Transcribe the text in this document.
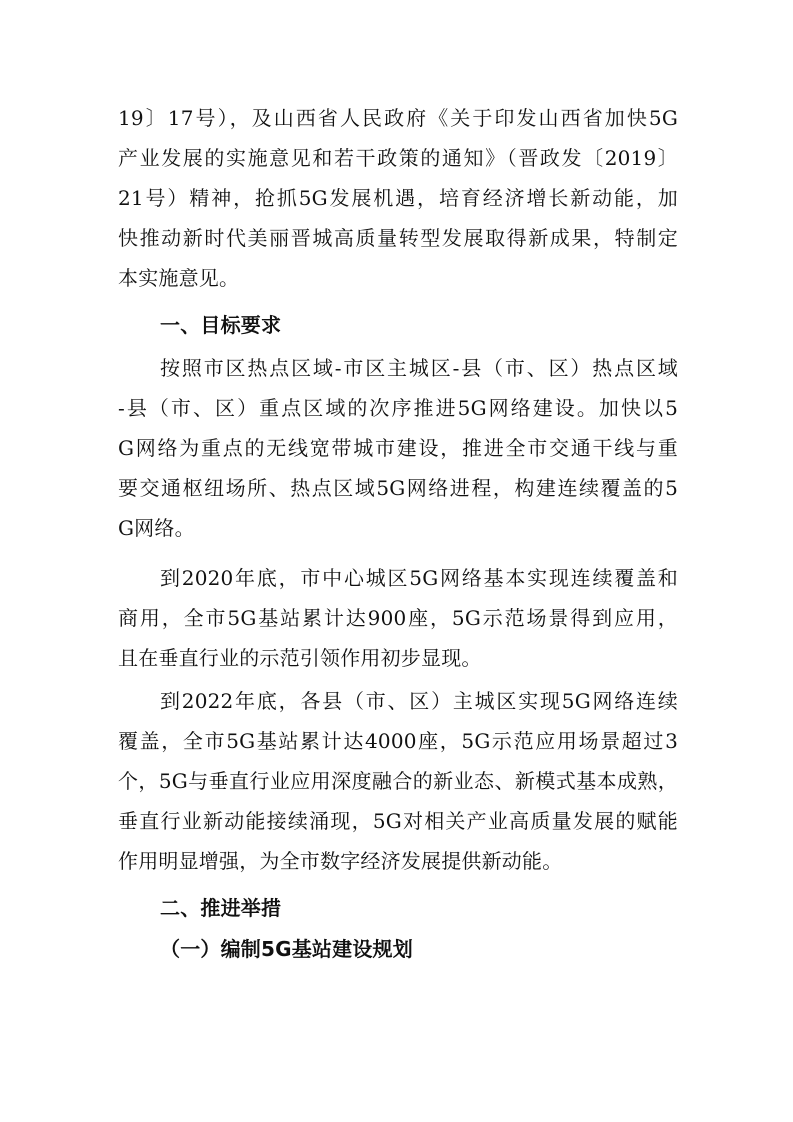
19〕17号），及山西省人民政府《关于印发山西省加快5G
产业发展的实施意见和若干政策的通知》（晋政发〔2019〕
21号）精神，抢抓5G发展机遇，培育经济增长新动能，加
快推动新时代美丽晋城高质量转型发展取得新成果，特制定
本实施意见。
一、目标要求
按照市区热点区域-市区主城区-县（市、区）热点区域
-县（市、区）重点区域的次序推进5G网络建设。加快以5
G网络为重点的无线宽带城市建设，推进全市交通干线与重
要交通枢纽场所、热点区域5G网络进程，构建连续覆盖的5
G网络。
到2020年底，市中心城区5G网络基本实现连续覆盖和
商用，全市5G基站累计达900座，5G示范场景得到应用，
且在垂直行业的示范引领作用初步显现。
到2022年底，各县（市、区）主城区实现5G网络连续
覆盖，全市5G基站累计达4000座，5G示范应用场景超过3
个，5G与垂直行业应用深度融合的新业态、新模式基本成熟，
垂直行业新动能接续涌现，5G对相关产业高质量发展的赋能
作用明显增强，为全市数字经济发展提供新动能。
二、推进举措
（一）编制5G基站建设规划
